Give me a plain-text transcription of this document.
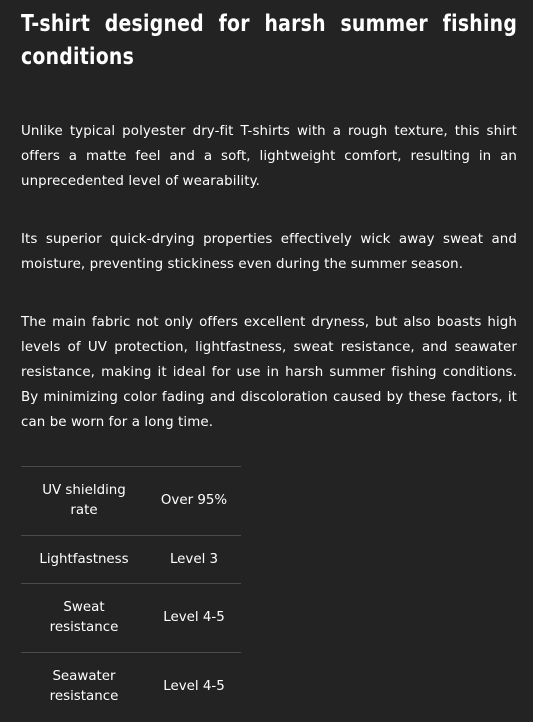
T-shirt designed for harsh summer fishing conditions

Unlike typical polyester dry-fit T-shirts with a rough texture, this shirt offers a matte feel and a soft, lightweight comfort, resulting in an unprecedented level of wearability.

Its superior quick-drying properties effectively wick away sweat and moisture, preventing stickiness even during the summer season.

The main fabric not only offers excellent dryness, but also boasts high levels of UV protection, lightfastness, sweat resistance, and seawater resistance, making it ideal for use in harsh summer fishing conditions. By minimizing color fading and discoloration caused by these factors, it can be worn for a long time.

UV shielding
rate	Over 95%
Lightfastness	Level 3
Sweat
resistance	Level 4-5
Seawater
resistance	Level 4-5
